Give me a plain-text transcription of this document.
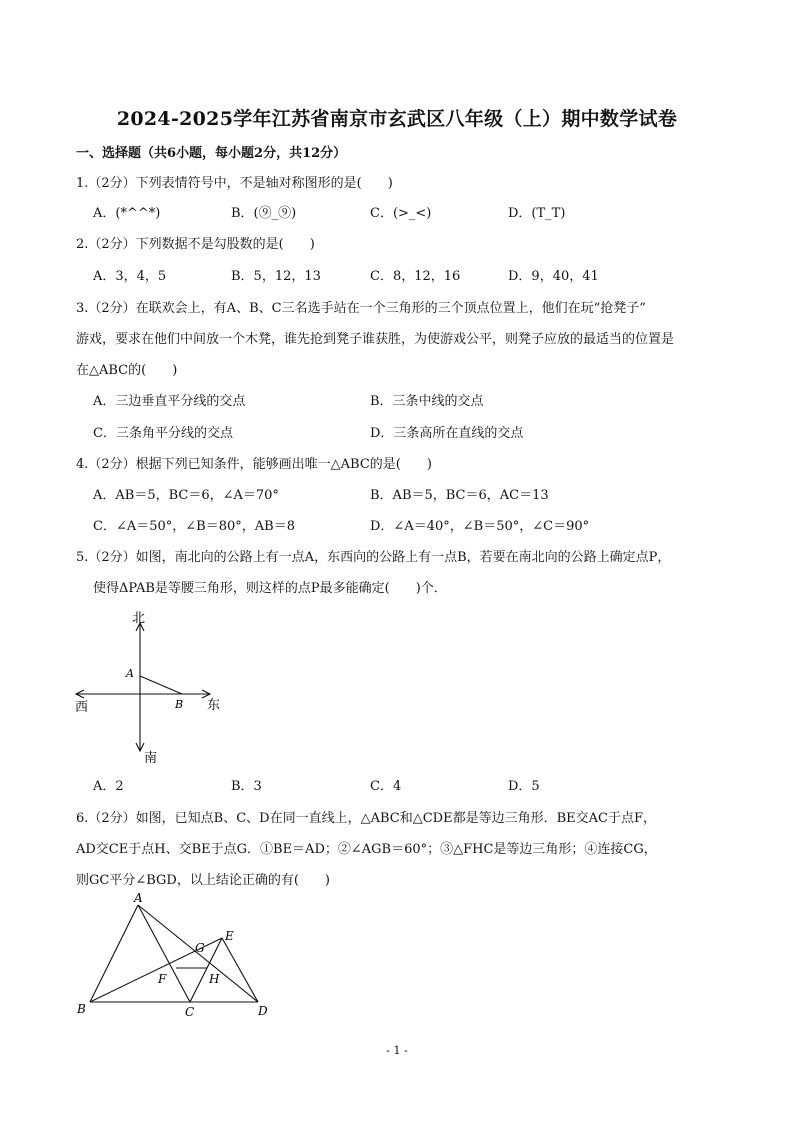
2024-2025学年江苏省南京市玄武区八年级（上）期中数学试卷
一、选择题（共6小题，每小题2分，共12分）
1.（2分）下列表情符号中，不是轴对称图形的是(　　)
A．(*^^*)	B．(⑨_⑨)	C．(>_<)	D．(T_T)
2.（2分）下列数据不是勾股数的是(　　)
A．3，4，5	B．5，12，13	C．8，12，16	D．9，40，41
3.（2分）在联欢会上，有A、B、C三名选手站在一个三角形的三个顶点位置上，他们在玩“抢凳子”
游戏，要求在他们中间放一个木凳，谁先抢到凳子谁获胜，为使游戏公平，则凳子应放的最适当的位置是
在△ABC的(　　)
A．三边垂直平分线的交点	B．三条中线的交点
C．三条角平分线的交点	D．三条高所在直线的交点
4.（2分）根据下列已知条件，能够画出唯一△ABC的是(　　)
A．AB＝5，BC＝6，∠A＝70°	B．AB＝5，BC＝6，AC＝13
C．∠A＝50°，∠B＝80°，AB＝8	D．∠A＝40°，∠B＝50°，∠C＝90°
5.（2分）如图，南北向的公路上有一点A，东西向的公路上有一点B，若要在南北向的公路上确定点P，
使得ΔPAB是等腰三角形，则这样的点P最多能确定(　　)个．
北
南
东
西
A
B
A．2	B．3	C．4	D．5
6.（2分）如图，已知点B、C、D在同一直线上，△ABC和△CDE都是等边三角形．BE交AC于点F，
AD交CE于点H、交BE于点G．①BE＝AD；②∠AGB＝60°；③△FHC是等边三角形；④连接CG，
则GC平分∠BGD，以上结论正确的有(　　)
A
B	C	D
E
F
G
H
- 1 -
